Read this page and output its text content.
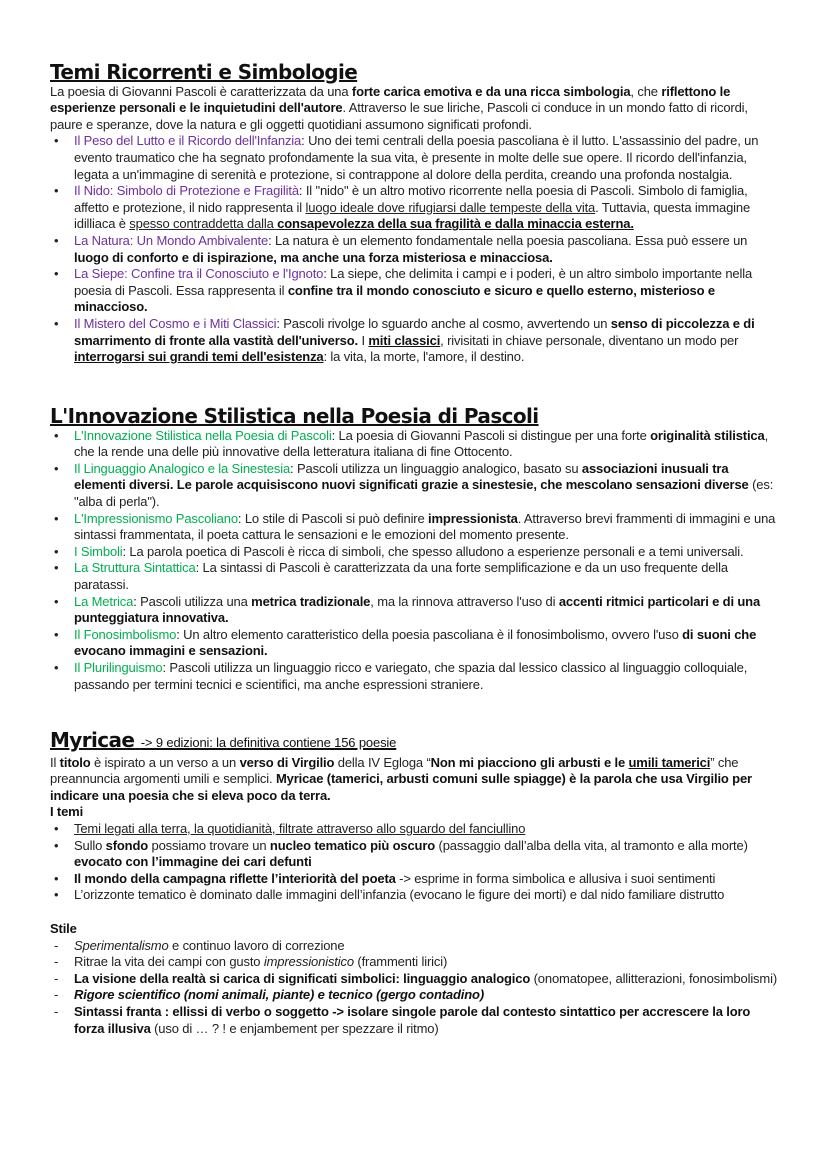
Temi Ricorrenti e Simbologie

La poesia di Giovanni Pascoli è caratterizzata da una forte carica emotiva e da una ricca simbologia, che riflettono le esperienze personali e le inquietudini dell'autore. Attraverso le sue liriche, Pascoli ci conduce in un mondo fatto di ricordi, paure e speranze, dove la natura e gli oggetti quotidiani assumono significati profondi.

• Il Peso del Lutto e il Ricordo dell'Infanzia: Uno dei temi centrali della poesia pascoliana è il lutto. L'assassinio del padre, un evento traumatico che ha segnato profondamente la sua vita, è presente in molte delle sue opere. Il ricordo dell'infanzia, legata a un'immagine di serenità e protezione, si contrappone al dolore della perdita, creando una profonda nostalgia.
• Il Nido: Simbolo di Protezione e Fragilità: Il "nido" è un altro motivo ricorrente nella poesia di Pascoli. Simbolo di famiglia, affetto e protezione, il nido rappresenta il luogo ideale dove rifugiarsi dalle tempeste della vita. Tuttavia, questa immagine idilliaca è spesso contraddetta dalla consapevolezza della sua fragilità e dalla minaccia esterna.
• La Natura: Un Mondo Ambivalente: La natura è un elemento fondamentale nella poesia pascoliana. Essa può essere un luogo di conforto e di ispirazione, ma anche una forza misteriosa e minacciosa.
• La Siepe: Confine tra il Conosciuto e l'Ignoto: La siepe, che delimita i campi e i poderi, è un altro simbolo importante nella poesia di Pascoli. Essa rappresenta il confine tra il mondo conosciuto e sicuro e quello esterno, misterioso e minaccioso.
• Il Mistero del Cosmo e i Miti Classici: Pascoli rivolge lo sguardo anche al cosmo, avvertendo un senso di piccolezza e di smarrimento di fronte alla vastità dell'universo. I miti classici, rivisitati in chiave personale, diventano un modo per interrogarsi sui grandi temi dell'esistenza: la vita, la morte, l'amore, il destino.
L'Innovazione Stilistica nella Poesia di Pascoli
• L'Innovazione Stilistica nella Poesia di Pascoli: La poesia di Giovanni Pascoli si distingue per una forte originalità stilistica, che la rende una delle più innovative della letteratura italiana di fine Ottocento.
• Il Linguaggio Analogico e la Sinestesia: Pascoli utilizza un linguaggio analogico, basato su associazioni inusuali tra elementi diversi. Le parole acquisiscono nuovi significati grazie a sinestesie, che mescolano sensazioni diverse (es: "alba di perla").
• L'Impressionismo Pascoliano: Lo stile di Pascoli si può definire impressionista. Attraverso brevi frammenti di immagini e una sintassi frammentata, il poeta cattura le sensazioni e le emozioni del momento presente.
• I Simboli: La parola poetica di Pascoli è ricca di simboli, che spesso alludono a esperienze personali e a temi universali.
• La Struttura Sintattica: La sintassi di Pascoli è caratterizzata da una forte semplificazione e da un uso frequente della paratassi.
• La Metrica: Pascoli utilizza una metrica tradizionale, ma la rinnova attraverso l'uso di accenti ritmici particolari e di una punteggiatura innovativa.
• Il Fonosimbolismo: Un altro elemento caratteristico della poesia pascoliana è il fonosimbolismo, ovvero l'uso di suoni che evocano immagini e sensazioni.
• Il Plurilinguismo: Pascoli utilizza un linguaggio ricco e variegato, che spazia dal lessico classico al linguaggio colloquiale, passando per termini tecnici e scientifici, ma anche espressioni straniere.
Myricae -> 9 edizioni: la definitiva contiene 156 poesie

Il titolo è ispirato a un verso a un verso di Virgilio della IV Egloga “Non mi piacciono gli arbusti e le umili tamerici” che preannuncia argomenti umili e semplici. Myricae (tamerici, arbusti comuni sulle spiagge) è la parola che usa Virgilio per indicare una poesia che si eleva poco da terra.

I temi

• Temi legati alla terra, la quotidianità, filtrate attraverso allo sguardo del fanciullino
• Sullo sfondo possiamo trovare un nucleo tematico più oscuro (passaggio dall’alba della vita, al tramonto e alla morte) evocato con l’immagine dei cari defunti
• Il mondo della campagna riflette l’interiorità del poeta -> esprime in forma simbolica e allusiva i suoi sentimenti
• L’orizzonte tematico è dominato dalle immagini dell’infanzia (evocano le figure dei morti) e dal nido familiare distrutto

Stile

- Sperimentalismo e continuo lavoro di correzione
- Ritrae la vita dei campi con gusto impressionistico (frammenti lirici)
- La visione della realtà si carica di significati simbolici: linguaggio analogico (onomatopee, allitterazioni, fonosimbolismi)
- Rigore scientifico (nomi animali, piante) e tecnico (gergo contadino)
- Sintassi franta : ellissi di verbo o soggetto -> isolare singole parole dal contesto sintattico per accrescere la loro forza illusiva (uso di … ? ! e enjambement per spezzare il ritmo)
